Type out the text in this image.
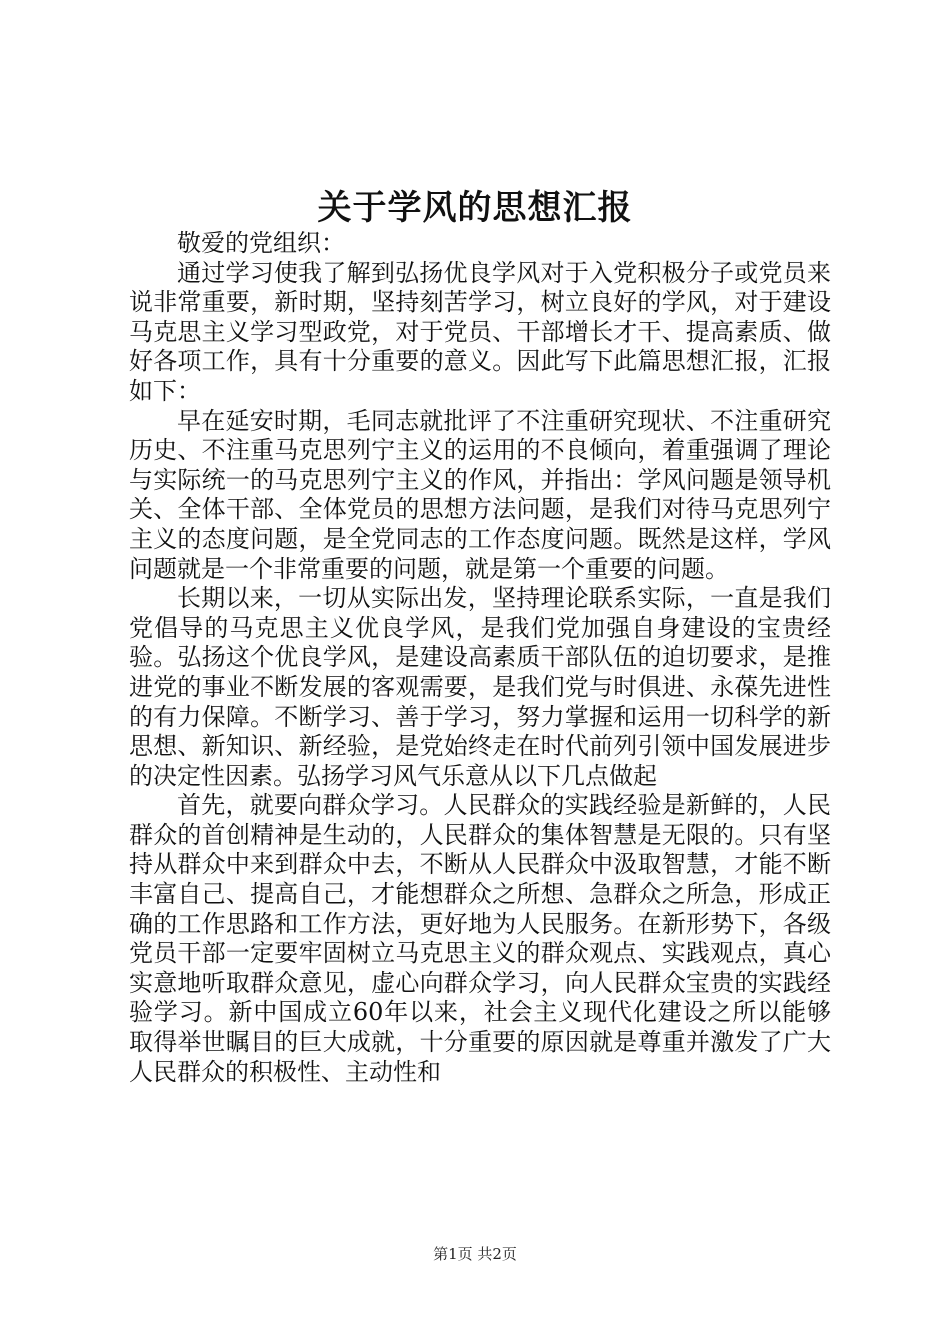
关于学风的思想汇报

敬爱的党组织：

通过学习使我了解到弘扬优良学风对于入党积极分子或党员来说非常重要，新时期，坚持刻苦学习，树立良好的学风，对于建设马克思主义学习型政党，对于党员、干部增长才干、提高素质、做好各项工作，具有十分重要的意义。因此写下此篇思想汇报，汇报如下：

早在延安时期，毛同志就批评了不注重研究现状、不注重研究历史、不注重马克思列宁主义的运用的不良倾向，着重强调了理论与实际统一的马克思列宁主义的作风，并指出：学风问题是领导机关、全体干部、全体党员的思想方法问题，是我们对待马克思列宁主义的态度问题，是全党同志的工作态度问题。既然是这样，学风问题就是一个非常重要的问题，就是第一个重要的问题。

长期以来，一切从实际出发，坚持理论联系实际，一直是我们党倡导的马克思主义优良学风，是我们党加强自身建设的宝贵经验。弘扬这个优良学风，是建设高素质干部队伍的迫切要求，是推进党的事业不断发展的客观需要，是我们党与时俱进、永葆先进性的有力保障。不断学习、善于学习，努力掌握和运用一切科学的新思想、新知识、新经验，是党始终走在时代前列引领中国发展进步的决定性因素。弘扬学习风气乐意从以下几点做起

首先，就要向群众学习。人民群众的实践经验是新鲜的，人民群众的首创精神是生动的，人民群众的集体智慧是无限的。只有坚持从群众中来到群众中去，不断从人民群众中汲取智慧，才能不断丰富自己、提高自己，才能想群众之所想、急群众之所急，形成正确的工作思路和工作方法，更好地为人民服务。在新形势下，各级党员干部一定要牢固树立马克思主义的群众观点、实践观点，真心实意地听取群众意见，虚心向群众学习，向人民群众宝贵的实践经验学习。新中国成立60年以来，社会主义现代化建设之所以能够取得举世瞩目的巨大成就，十分重要的原因就是尊重并激发了广大人民群众的积极性、主动性和

第1页 共2页
